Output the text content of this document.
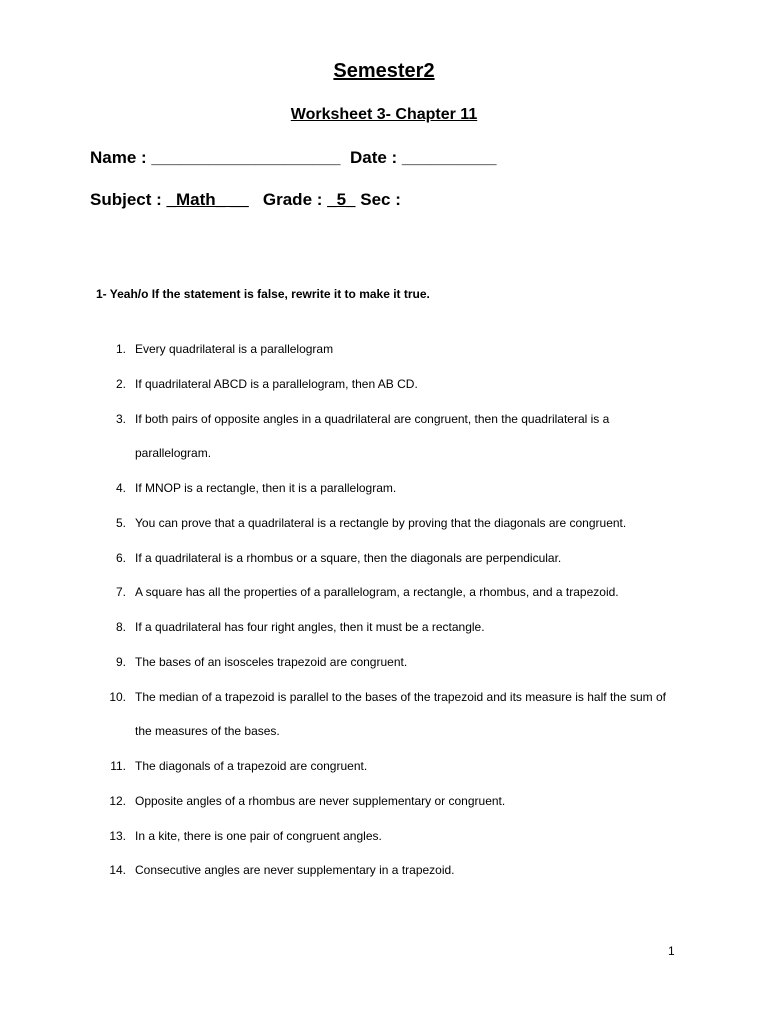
Semester2
Worksheet 3- Chapter 11

Name : ____________________  Date : __________

Subject : _Math_ __   Grade : _5_ Sec :

1- Yeah/o If the statement is false, rewrite it to make it true.

1. Every quadrilateral is a parallelogram
2. If quadrilateral ABCD is a parallelogram, then AB CD.
3. If both pairs of opposite angles in a quadrilateral are congruent, then the quadrilateral is a parallelogram.
4. If MNOP is a rectangle, then it is a parallelogram.
5. You can prove that a quadrilateral is a rectangle by proving that the diagonals are congruent.
6. If a quadrilateral is a rhombus or a square, then the diagonals are perpendicular.
7. A square has all the properties of a parallelogram, a rectangle, a rhombus, and a trapezoid.
8. If a quadrilateral has four right angles, then it must be a rectangle.
9. The bases of an isosceles trapezoid are congruent.
10. The median of a trapezoid is parallel to the bases of the trapezoid and its measure is half the sum of the measures of the bases.
11. The diagonals of a trapezoid are congruent.
12. Opposite angles of a rhombus are never supplementary or congruent.
13. In a kite, there is one pair of congruent angles.
14. Consecutive angles are never supplementary in a trapezoid.

1
